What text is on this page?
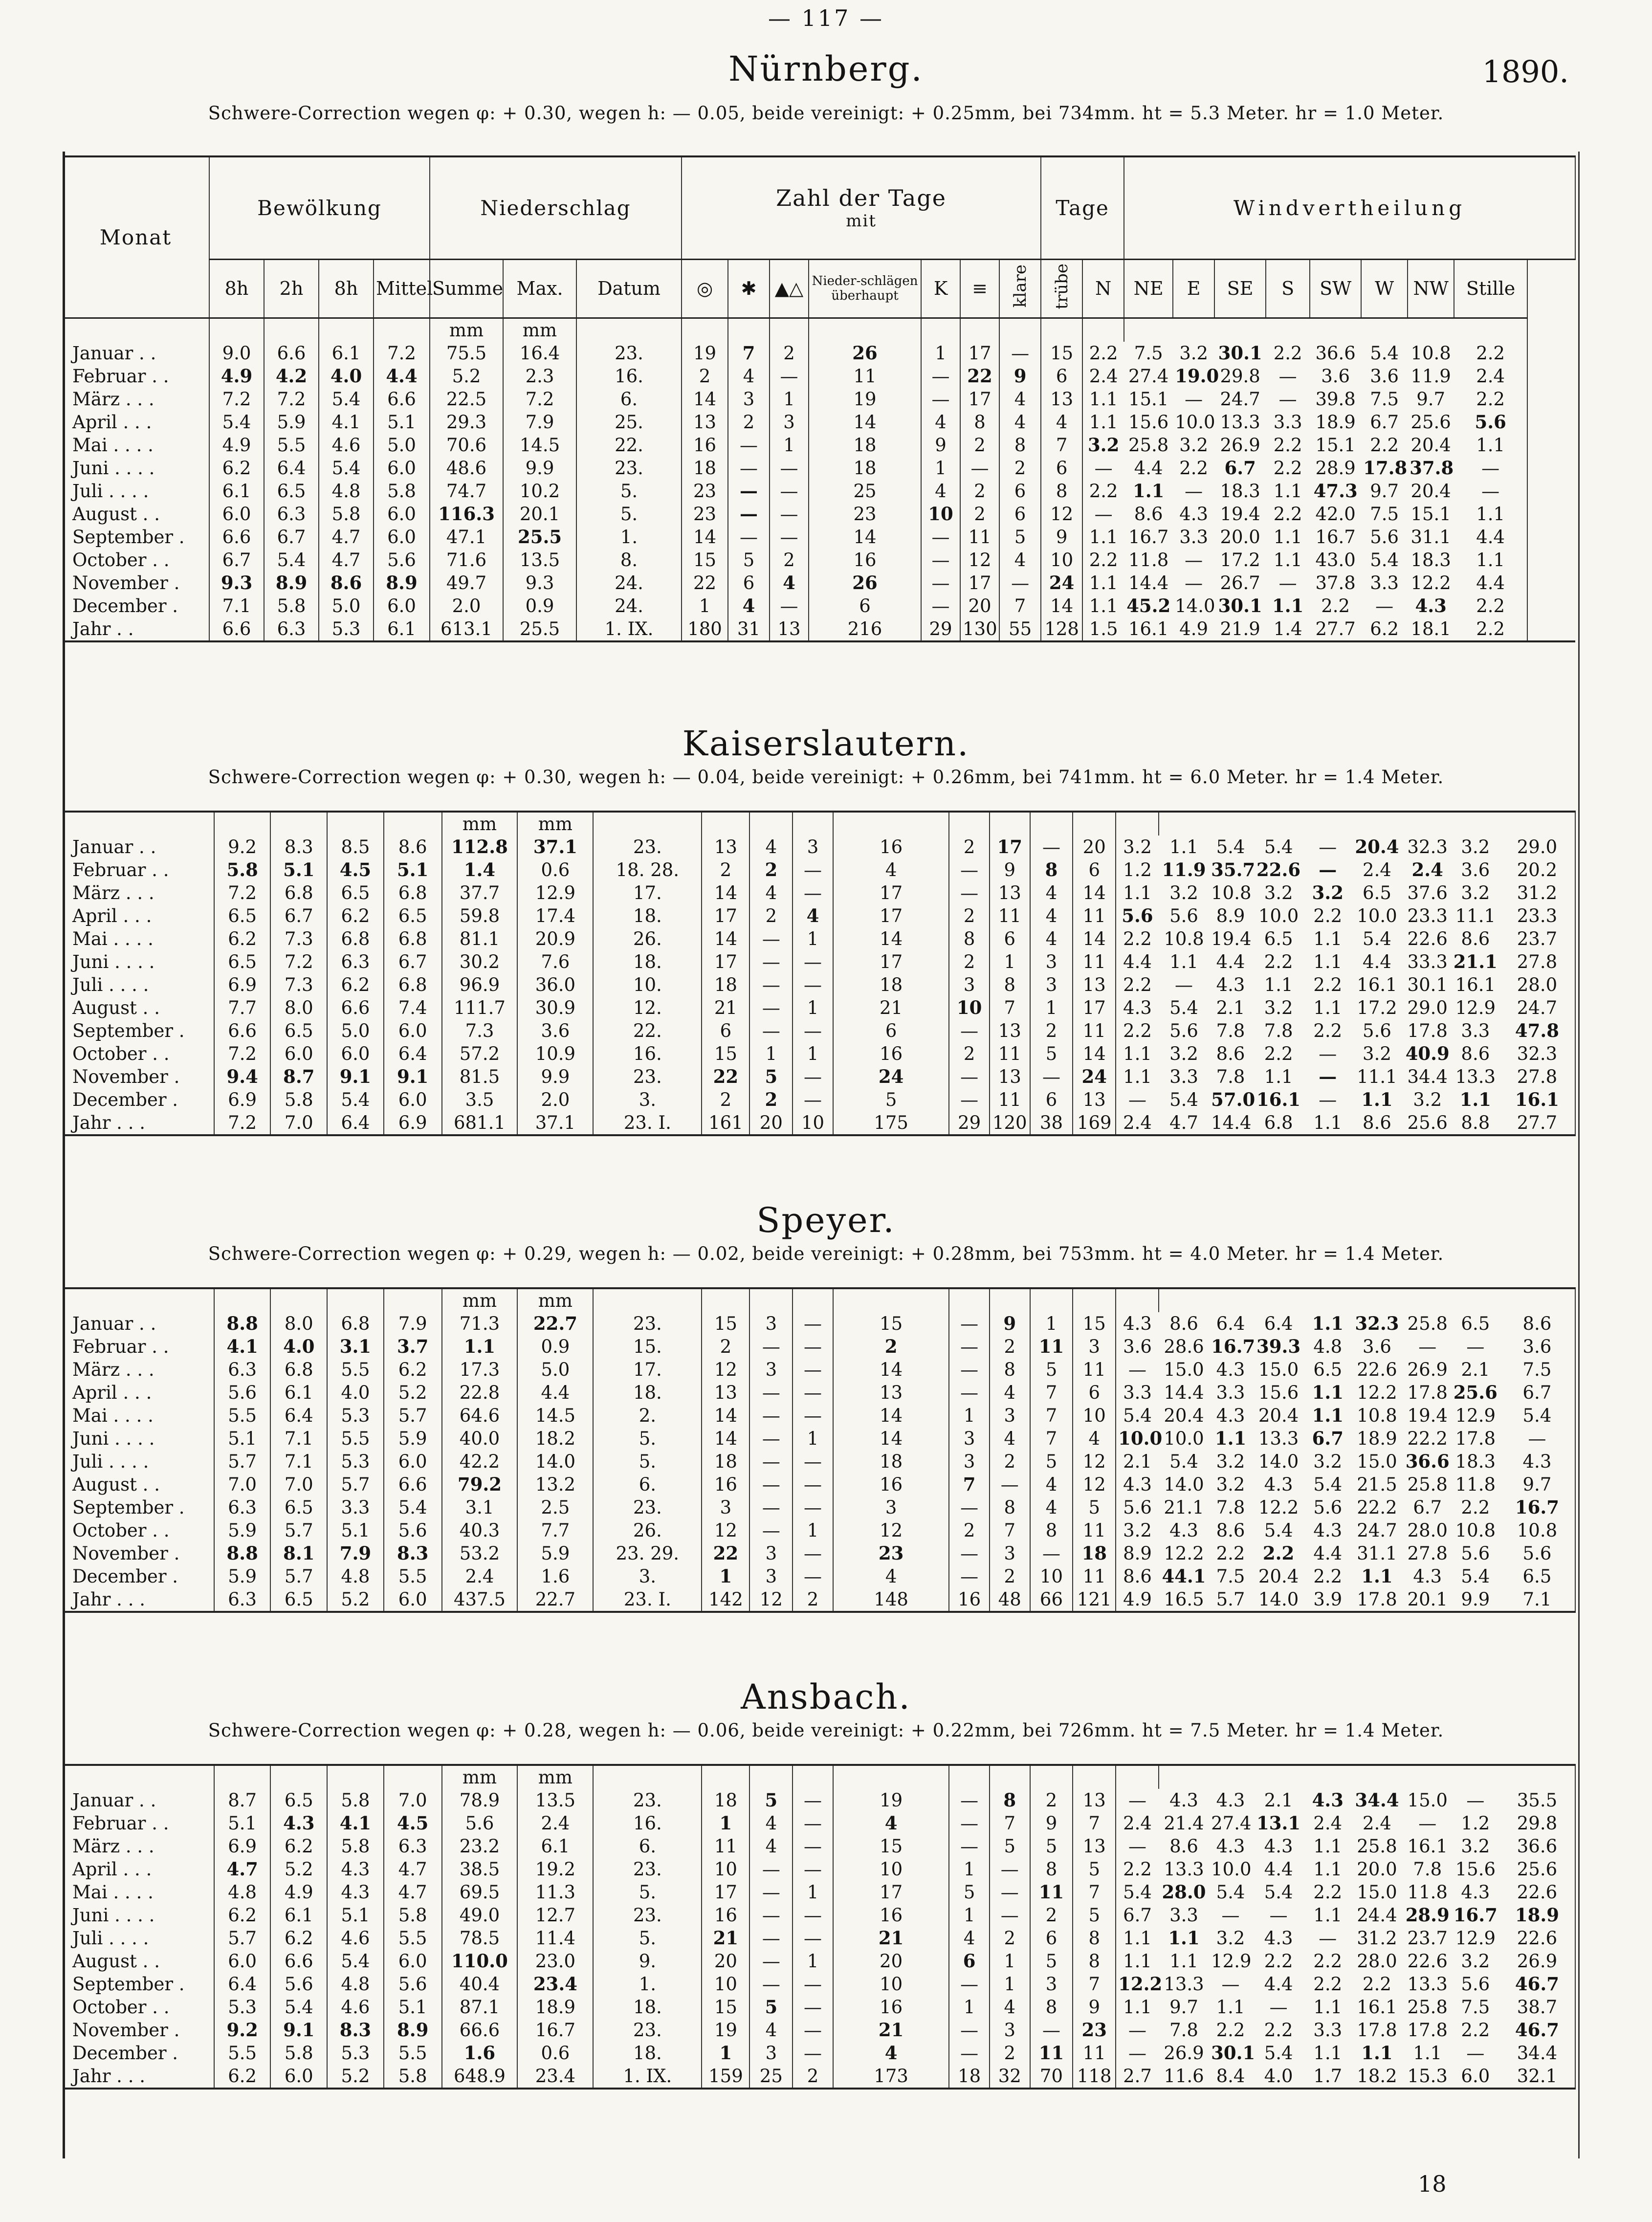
— 117 —
Nürnberg.	1890.
Schwere-Correction wegen φ: + 0.30, wegen h: — 0.05, beide vereinigt: + 0.25mm, bei 734mm. ht = 5.3 Meter. hr = 1.0 Meter.
Monat	Bewölkung				Niederschlag			Zahl der Tage
mit							Tage		Windvertheilung							
	8h	2h	8h	Mittel	Summe	Max.	Datum	◎	✱	▲△	Nieder-schlägen überhaupt	K	≡	klare	trübe	N	NE	E	SE	S	SW	W	NW	Stille
					mm	mm																		
Januar . .	9.0	6.6	6.1	7.2	75.5	16.4	23.	19	7	2	26	1	17	—	15	2.2	7.5	3.2	30.1	2.2	36.6	5.4	10.8	2.2
Februar . .	4.9	4.2	4.0	4.4	5.2	2.3	16.	2	4	—	11	—	22	9	6	2.4	27.4	19.0	29.8	—	3.6	3.6	11.9	2.4
März . . .	7.2	7.2	5.4	6.6	22.5	7.2	6.	14	3	1	19	—	17	4	13	1.1	15.1	—	24.7	—	39.8	7.5	9.7	2.2
April . . .	5.4	5.9	4.1	5.1	29.3	7.9	25.	13	2	3	14	4	8	4	4	1.1	15.6	10.0	13.3	3.3	18.9	6.7	25.6	5.6
Mai . . . .	4.9	5.5	4.6	5.0	70.6	14.5	22.	16	—	1	18	9	2	8	7	3.2	25.8	3.2	26.9	2.2	15.1	2.2	20.4	1.1
Juni . . . .	6.2	6.4	5.4	6.0	48.6	9.9	23.	18	—	—	18	1	—	2	6	—	4.4	2.2	6.7	2.2	28.9	17.8	37.8	—
Juli . . . .	6.1	6.5	4.8	5.8	74.7	10.2	5.	23	—	—	25	4	2	6	8	2.2	1.1	—	18.3	1.1	47.3	9.7	20.4	—
August . .	6.0	6.3	5.8	6.0	116.3	20.1	5.	23	—	—	23	10	2	6	12	—	8.6	4.3	19.4	2.2	42.0	7.5	15.1	1.1
September .	6.6	6.7	4.7	6.0	47.1	25.5	1.	14	—	—	14	—	11	5	9	1.1	16.7	3.3	20.0	1.1	16.7	5.6	31.1	4.4
October . .	6.7	5.4	4.7	5.6	71.6	13.5	8.	15	5	2	16	—	12	4	10	2.2	11.8	—	17.2	1.1	43.0	5.4	18.3	1.1
November .	9.3	8.9	8.6	8.9	49.7	9.3	24.	22	6	4	26	—	17	—	24	1.1	14.4	—	26.7	—	37.8	3.3	12.2	4.4
December .	7.1	5.8	5.0	6.0	2.0	0.9	24.	1	4	—	6	—	20	7	14	1.1	45.2	14.0	30.1	1.1	2.2	—	4.3	2.2
Jahr . .	6.6	6.3	5.3	6.1	613.1	25.5	1. IX.	180	31	13	216	29	130	55	128	1.5	16.1	4.9	21.9	1.4	27.7	6.2	18.1	2.2
Kaiserslautern.
Schwere-Correction wegen φ: + 0.30, wegen h: — 0.04, beide vereinigt: + 0.26mm, bei 741mm. ht = 6.0 Meter. hr = 1.4 Meter.
					mm	mm																		
Januar . .	9.2	8.3	8.5	8.6	112.8	37.1	23.	13	4	3	16	2	17	—	20	3.2	1.1	5.4	5.4	—	20.4	32.3	3.2	29.0
Februar . .	5.8	5.1	4.5	5.1	1.4	0.6	18. 28.	2	2	—	4	—	9	8	6	1.2	11.9	35.7	22.6	—	2.4	2.4	3.6	20.2
März . . .	7.2	6.8	6.5	6.8	37.7	12.9	17.	14	4	—	17	—	13	4	14	1.1	3.2	10.8	3.2	3.2	6.5	37.6	3.2	31.2
April . . .	6.5	6.7	6.2	6.5	59.8	17.4	18.	17	2	4	17	2	11	4	11	5.6	5.6	8.9	10.0	2.2	10.0	23.3	11.1	23.3
Mai . . . .	6.2	7.3	6.8	6.8	81.1	20.9	26.	14	—	1	14	8	6	4	14	2.2	10.8	19.4	6.5	1.1	5.4	22.6	8.6	23.7
Juni . . . .	6.5	7.2	6.3	6.7	30.2	7.6	18.	17	—	—	17	2	1	3	11	4.4	1.1	4.4	2.2	1.1	4.4	33.3	21.1	27.8
Juli . . . .	6.9	7.3	6.2	6.8	96.9	36.0	10.	18	—	—	18	3	8	3	13	2.2	—	4.3	1.1	2.2	16.1	30.1	16.1	28.0
August . .	7.7	8.0	6.6	7.4	111.7	30.9	12.	21	—	1	21	10	7	1	17	4.3	5.4	2.1	3.2	1.1	17.2	29.0	12.9	24.7
September .	6.6	6.5	5.0	6.0	7.3	3.6	22.	6	—	—	6	—	13	2	11	2.2	5.6	7.8	7.8	2.2	5.6	17.8	3.3	47.8
October . .	7.2	6.0	6.0	6.4	57.2	10.9	16.	15	1	1	16	2	11	5	14	1.1	3.2	8.6	2.2	—	3.2	40.9	8.6	32.3
November .	9.4	8.7	9.1	9.1	81.5	9.9	23.	22	5	—	24	—	13	—	24	1.1	3.3	7.8	1.1	—	11.1	34.4	13.3	27.8
December .	6.9	5.8	5.4	6.0	3.5	2.0	3.	2	2	—	5	—	11	6	13	—	5.4	57.0	16.1	—	1.1	3.2	1.1	16.1
Jahr . . .	7.2	7.0	6.4	6.9	681.1	37.1	23. I.	161	20	10	175	29	120	38	169	2.4	4.7	14.4	6.8	1.1	8.6	25.6	8.8	27.7
Speyer.
Schwere-Correction wegen φ: + 0.29, wegen h: — 0.02, beide vereinigt: + 0.28mm, bei 753mm. ht = 4.0 Meter. hr = 1.4 Meter.
					mm	mm																		
Januar . .	8.8	8.0	6.8	7.9	71.3	22.7	23.	15	3	—	15	—	9	1	15	4.3	8.6	6.4	6.4	1.1	32.3	25.8	6.5	8.6
Februar . .	4.1	4.0	3.1	3.7	1.1	0.9	15.	2	—	—	2	—	2	11	3	3.6	28.6	16.7	39.3	4.8	3.6	—	—	3.6
März . . .	6.3	6.8	5.5	6.2	17.3	5.0	17.	12	3	—	14	—	8	5	11	—	15.0	4.3	15.0	6.5	22.6	26.9	2.1	7.5
April . . .	5.6	6.1	4.0	5.2	22.8	4.4	18.	13	—	—	13	—	4	7	6	3.3	14.4	3.3	15.6	1.1	12.2	17.8	25.6	6.7
Mai . . . .	5.5	6.4	5.3	5.7	64.6	14.5	2.	14	—	—	14	1	3	7	10	5.4	20.4	4.3	20.4	1.1	10.8	19.4	12.9	5.4
Juni . . . .	5.1	7.1	5.5	5.9	40.0	18.2	5.	14	—	1	14	3	4	7	4	10.0	10.0	1.1	13.3	6.7	18.9	22.2	17.8	—
Juli . . . .	5.7	7.1	5.3	6.0	42.2	14.0	5.	18	—	—	18	3	2	5	12	2.1	5.4	3.2	14.0	3.2	15.0	36.6	18.3	4.3
August . .	7.0	7.0	5.7	6.6	79.2	13.2	6.	16	—	—	16	7	—	4	12	4.3	14.0	3.2	4.3	5.4	21.5	25.8	11.8	9.7
September .	6.3	6.5	3.3	5.4	3.1	2.5	23.	3	—	—	3	—	8	4	5	5.6	21.1	7.8	12.2	5.6	22.2	6.7	2.2	16.7
October . .	5.9	5.7	5.1	5.6	40.3	7.7	26.	12	—	1	12	2	7	8	11	3.2	4.3	8.6	5.4	4.3	24.7	28.0	10.8	10.8
November .	8.8	8.1	7.9	8.3	53.2	5.9	23. 29.	22	3	—	23	—	3	—	18	8.9	12.2	2.2	2.2	4.4	31.1	27.8	5.6	5.6
December .	5.9	5.7	4.8	5.5	2.4	1.6	3.	1	3	—	4	—	2	10	11	8.6	44.1	7.5	20.4	2.2	1.1	4.3	5.4	6.5
Jahr . . .	6.3	6.5	5.2	6.0	437.5	22.7	23. I.	142	12	2	148	16	48	66	121	4.9	16.5	5.7	14.0	3.9	17.8	20.1	9.9	7.1
Ansbach.
Schwere-Correction wegen φ: + 0.28, wegen h: — 0.06, beide vereinigt: + 0.22mm, bei 726mm. ht = 7.5 Meter. hr = 1.4 Meter.
					mm	mm																		
Januar . .	8.7	6.5	5.8	7.0	78.9	13.5	23.	18	5	—	19	—	8	2	13	—	4.3	4.3	2.1	4.3	34.4	15.0	—	35.5
Februar . .	5.1	4.3	4.1	4.5	5.6	2.4	16.	1	4	—	4	—	7	9	7	2.4	21.4	27.4	13.1	2.4	2.4	—	1.2	29.8
März . . .	6.9	6.2	5.8	6.3	23.2	6.1	6.	11	4	—	15	—	5	5	13	—	8.6	4.3	4.3	1.1	25.8	16.1	3.2	36.6
April . . .	4.7	5.2	4.3	4.7	38.5	19.2	23.	10	—	—	10	1	—	8	5	2.2	13.3	10.0	4.4	1.1	20.0	7.8	15.6	25.6
Mai . . . .	4.8	4.9	4.3	4.7	69.5	11.3	5.	17	—	1	17	5	—	11	7	5.4	28.0	5.4	5.4	2.2	15.0	11.8	4.3	22.6
Juni . . . .	6.2	6.1	5.1	5.8	49.0	12.7	23.	16	—	—	16	1	—	2	5	6.7	3.3	—	—	1.1	24.4	28.9	16.7	18.9
Juli . . . .	5.7	6.2	4.6	5.5	78.5	11.4	5.	21	—	—	21	4	2	6	8	1.1	1.1	3.2	4.3	—	31.2	23.7	12.9	22.6
August . .	6.0	6.6	5.4	6.0	110.0	23.0	9.	20	—	1	20	6	1	5	8	1.1	1.1	12.9	2.2	2.2	28.0	22.6	3.2	26.9
September .	6.4	5.6	4.8	5.6	40.4	23.4	1.	10	—	—	10	—	1	3	7	12.2	13.3	—	4.4	2.2	2.2	13.3	5.6	46.7
October . .	5.3	5.4	4.6	5.1	87.1	18.9	18.	15	5	—	16	1	4	8	9	1.1	9.7	1.1	—	1.1	16.1	25.8	7.5	38.7
November .	9.2	9.1	8.3	8.9	66.6	16.7	23.	19	4	—	21	—	3	—	23	—	7.8	2.2	2.2	3.3	17.8	17.8	2.2	46.7
December .	5.5	5.8	5.3	5.5	1.6	0.6	18.	1	3	—	4	—	2	11	11	—	26.9	30.1	5.4	1.1	1.1	1.1	—	34.4
Jahr . . .	6.2	6.0	5.2	5.8	648.9	23.4	1. IX.	159	25	2	173	18	32	70	118	2.7	11.6	8.4	4.0	1.7	18.2	15.3	6.0	32.1
18
